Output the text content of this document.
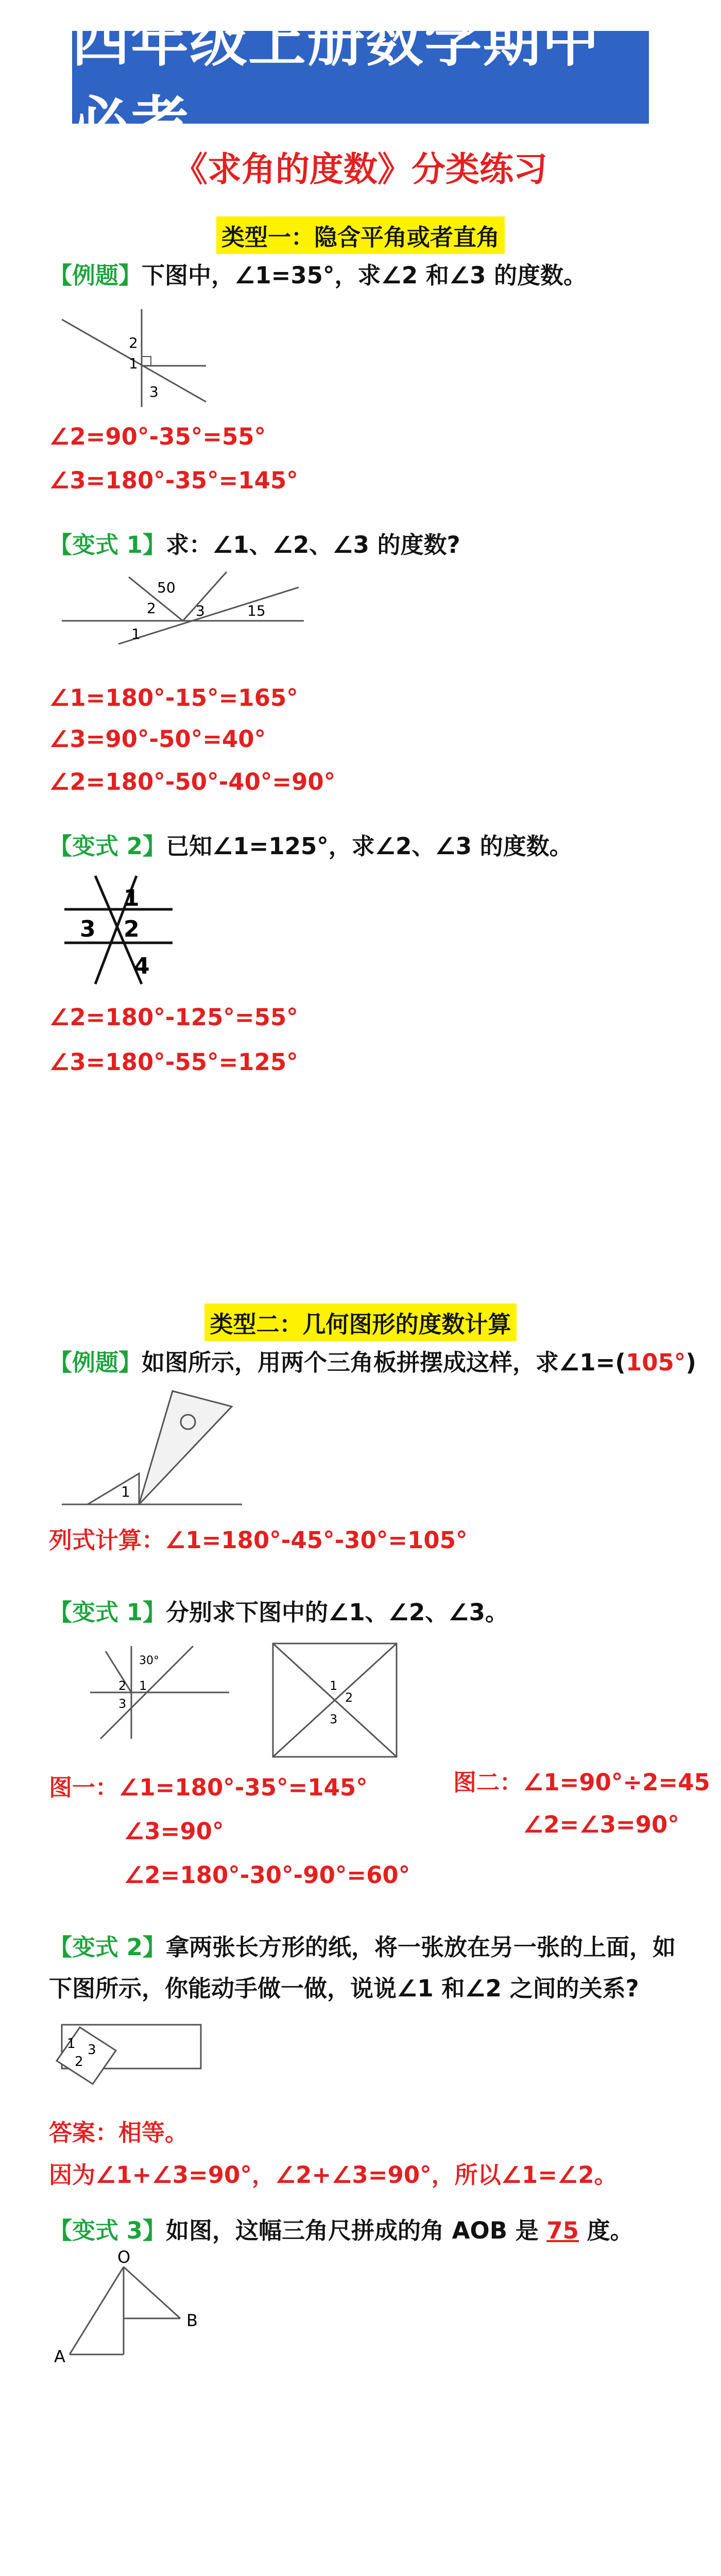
四年级上册数学期中必考
《求角的度数》分类练习
类型一：隐含平角或者直角
【例题】下图中，∠1=35°，求∠2 和∠3 的度数。
2
1
3
∠2=90°-35°=55°
∠3=180°-35°=145°
【变式 1】求：∠1、∠2、∠3 的度数?
50
2	3	15
1
∠1=180°-15°=165°
∠3=90°-50°=40°
∠2=180°-50°-40°=90°
【变式 2】已知∠1=125°，求∠2、∠3 的度数。
1
2
3
4
∠2=180°-125°=55°
∠3=180°-55°=125°
类型二：几何图形的度数计算
【例题】如图所示，用两个三角板拼摆成这样，求∠1=(105°)
1
列式计算：∠1=180°-45°-30°=105°
【变式 1】分别求下图中的∠1、∠2、∠3。
30°
2 1
3
1
2
3
图一：∠1=180°-35°=145°
∠3=90°
∠2=180°-30°-90°=60°
图二：∠1=90°÷2=45
∠2=∠3=90°
【变式 2】拿两张长方形的纸，将一张放在另一张的上面，如
下图所示，你能动手做一做，说说∠1 和∠2 之间的关系?
1 3
2
答案：相等。
因为∠1+∠3=90°，∠2+∠3=90°，所以∠1=∠2。
【变式 3】如图，这幅三角尺拼成的角 AOB 是 75 度。
O
A
B
